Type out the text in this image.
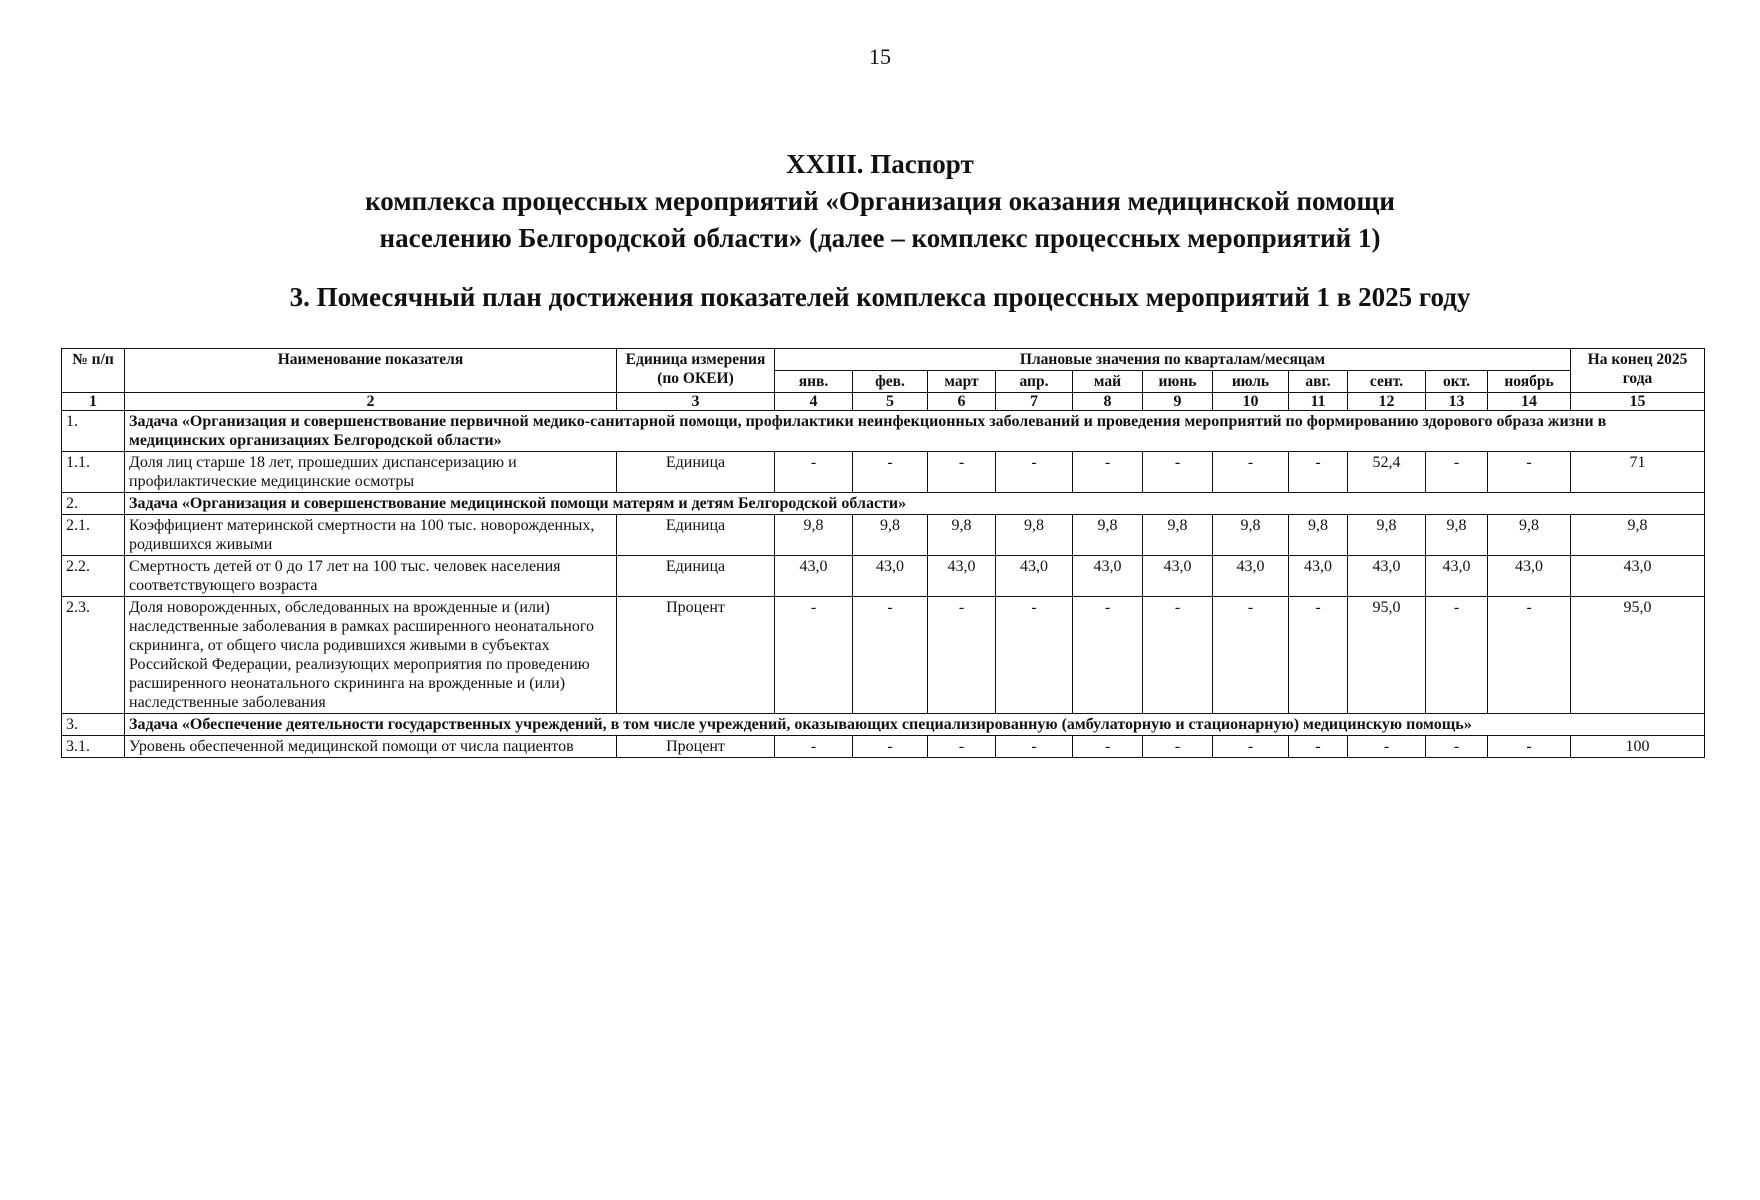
15
XXIII. Паспорт
комплекса процессных мероприятий «Организация оказания медицинской помощи
населению Белгородской области» (далее – комплекс процессных мероприятий 1)
3. Помесячный план достижения показателей комплекса процессных мероприятий 1 в 2025 году
№ п/п	Наименование показателя	Единица измерения (по ОКЕИ)	Плановые значения по кварталам/месяцам											На конец 2025 года
			янв.	фев.	март	апр.	май	июнь	июль	авг.	сент.	окт.	ноябрь	
1	2	3	4	5	6	7	8	9	10	11	12	13	14	15
1.	Задача «Организация и совершенствование первичной медико-санитарной помощи, профилактики неинфекционных заболеваний и проведения мероприятий по формированию здорового образа жизни в медицинских организациях Белгородской области»													
1.1.	Доля лиц старше 18 лет, прошедших диспансеризацию и профилактические медицинские осмотры	Единица	-	-	-	-	-	-	-	-	52,4	-	-	71
2.	Задача «Организация и совершенствование медицинской помощи матерям и детям Белгородской области»													
2.1.	Коэффициент материнской смертности на 100 тыс. новорожденных, родившихся живыми	Единица	9,8	9,8	9,8	9,8	9,8	9,8	9,8	9,8	9,8	9,8	9,8	9,8
2.2.	Смертность детей от 0 до 17 лет на 100 тыс. человек населения соответствующего возраста	Единица	43,0	43,0	43,0	43,0	43,0	43,0	43,0	43,0	43,0	43,0	43,0	43,0
2.3.	Доля новорожденных, обследованных на врожденные и (или) наследственные заболевания в рамках расширенного неонатального скрининга, от общего числа родившихся живыми в субъектах Российской Федерации, реализующих мероприятия по проведению расширенного неонатального скрининга на врожденные и (или) наследственные заболевания	Процент	-	-	-	-	-	-	-	-	95,0	-	-	95,0
3.	Задача «Обеспечение деятельности государственных учреждений, в том числе учреждений, оказывающих специализированную (амбулаторную и стационарную) медицинскую помощь»													
3.1.	Уровень обеспеченной медицинской помощи от числа пациентов	Процент	-	-	-	-	-	-	-	-	-	-	-	100
